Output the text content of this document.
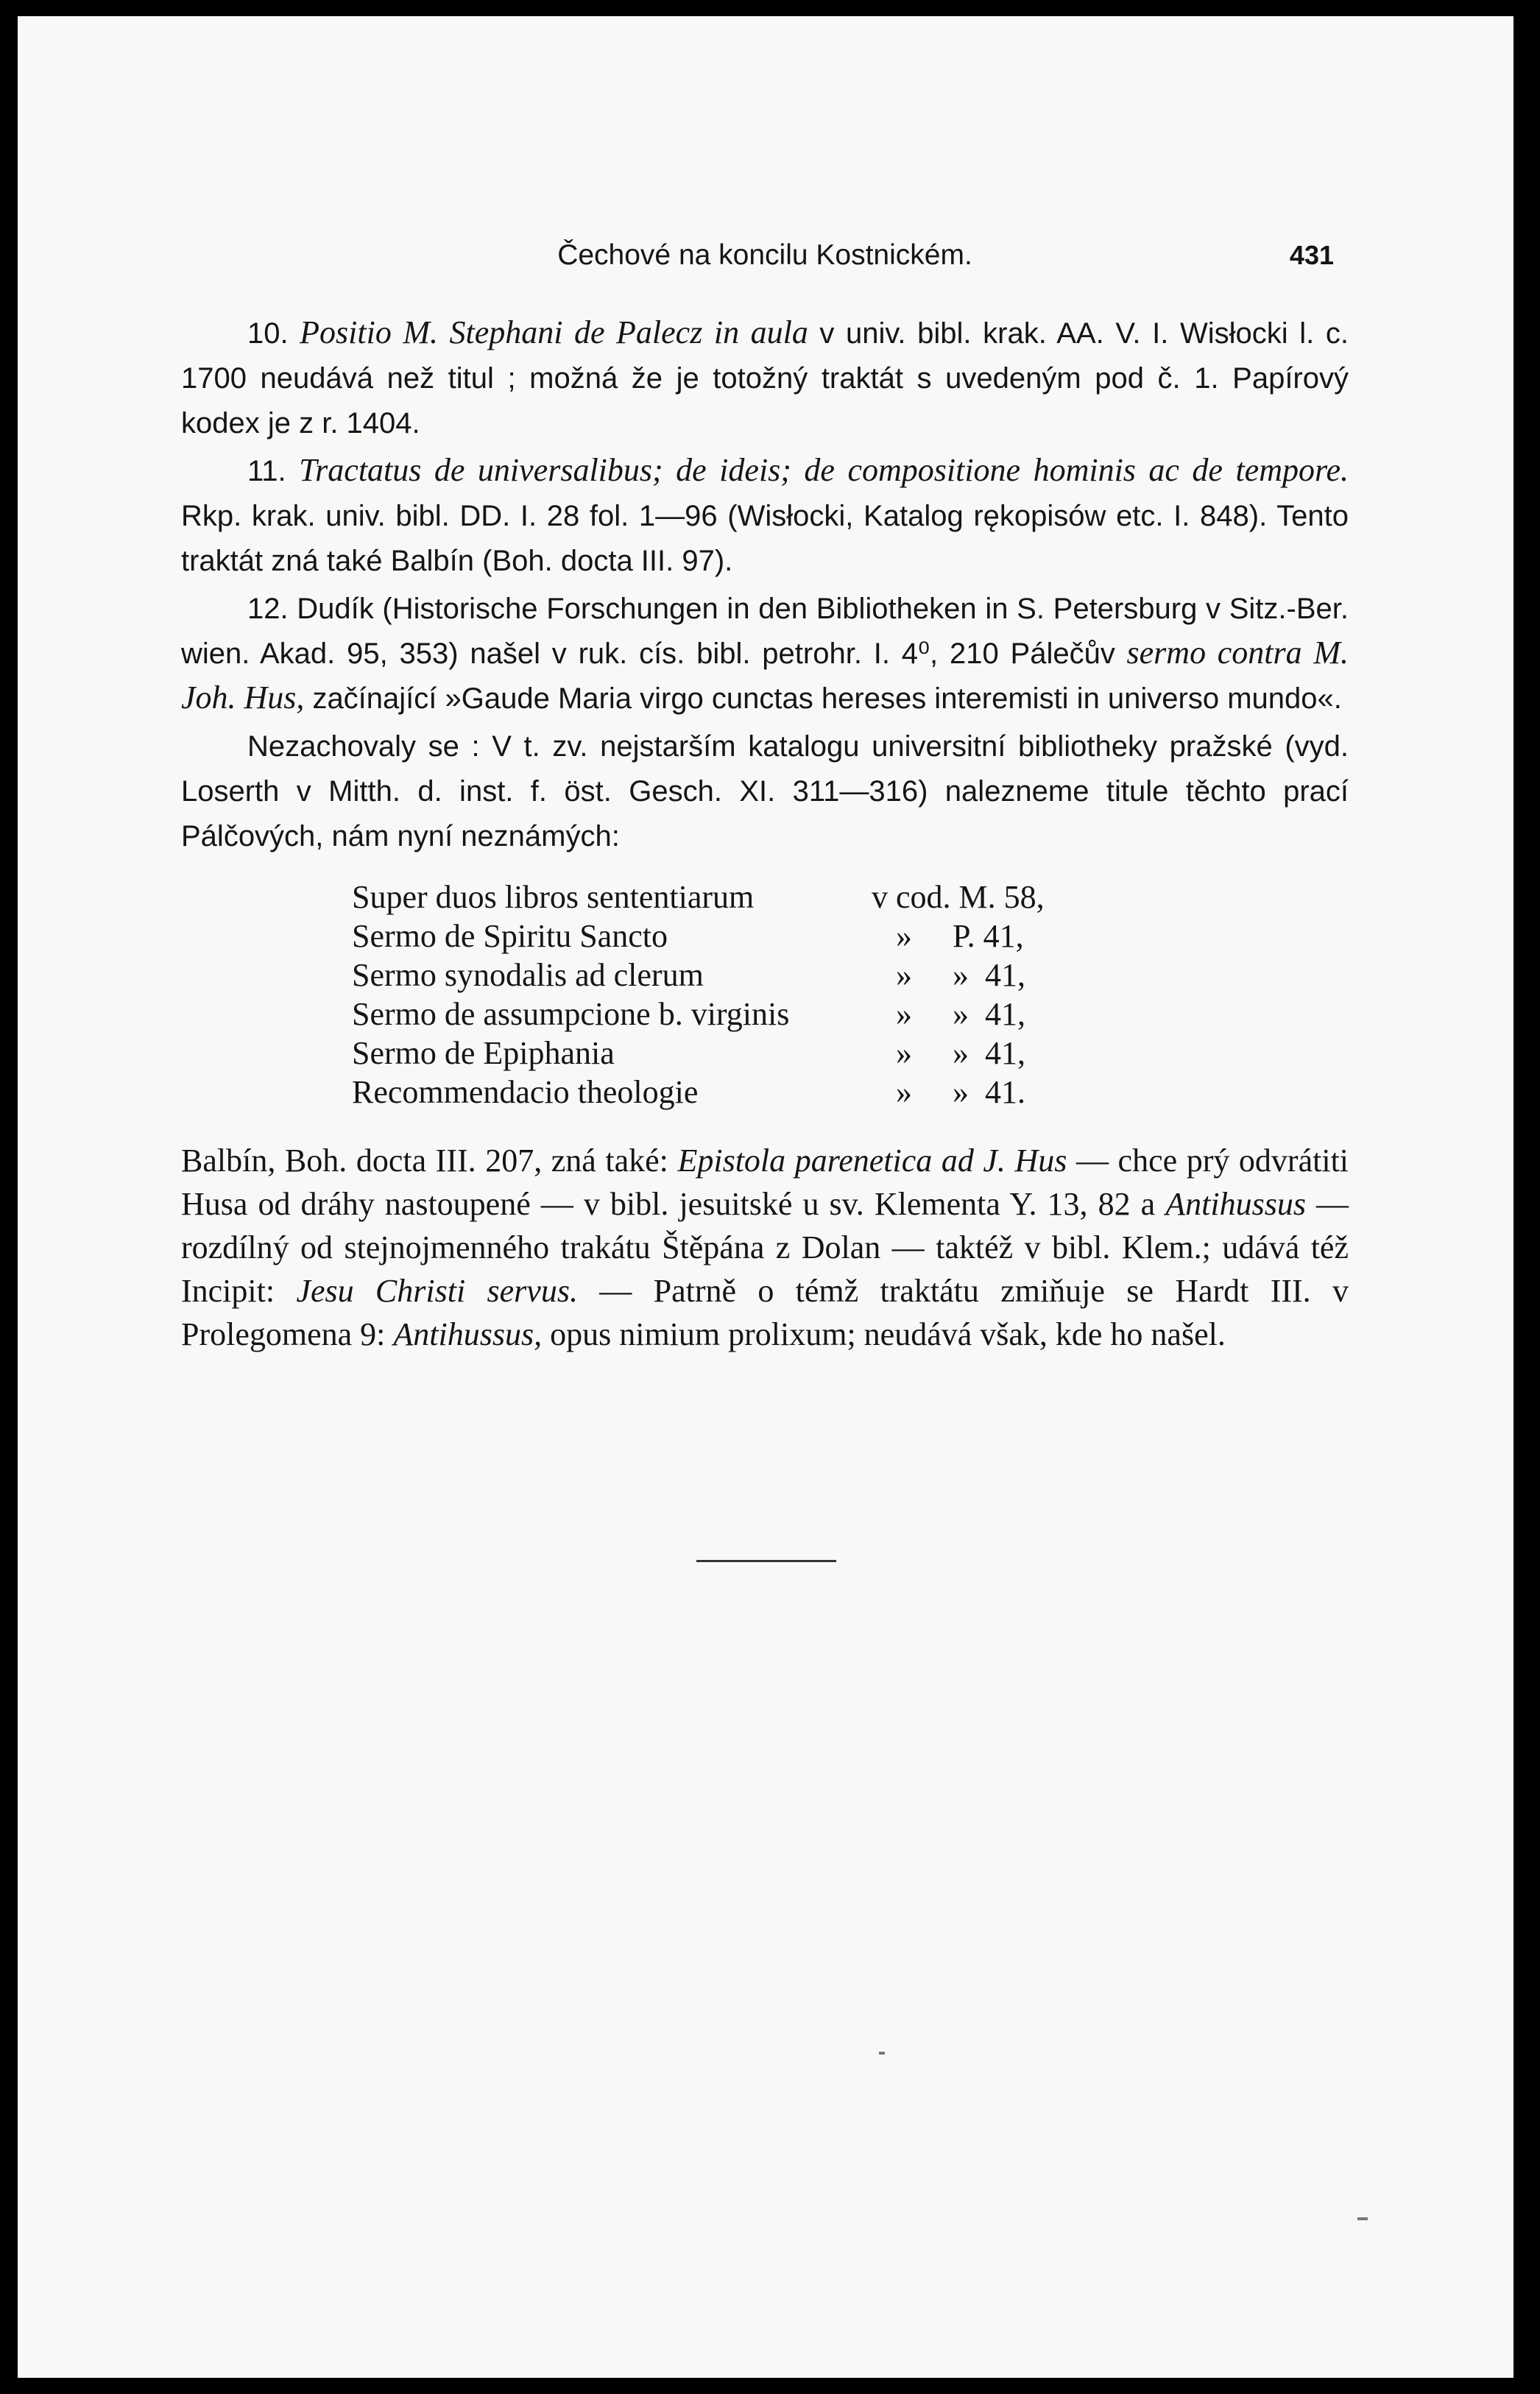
Čechové na koncilu Kostnickém.	431

10. Positio M. Stephani de Palecz in aula v univ. bibl. krak. AA. V. I. Wisłocki l. c. 1700 neudává než titul ; možná že je totožný traktát s uvedeným pod č. 1. Papírový kodex je z r. 1404.

11. Tractatus de universalibus; de ideis; de compositione hominis ac de tempore. Rkp. krak. univ. bibl. DD. I. 28 fol. 1—96 (Wisłocki, Katalog rękopisów etc. I. 848). Tento traktát zná také Balbín (Boh. docta III. 97).

12. Dudík (Historische Forschungen in den Bibliotheken in S. Petersburg v Sitz.-Ber. wien. Akad. 95, 353) našel v ruk. cís. bibl. petrohr. I. 4⁰, 210 Pálečův sermo contra M. Joh. Hus, začínající »Gaude Maria virgo cunctas hereses interemisti in universo mundo«.

Nezachovaly se : V t. zv. nejstarším katalogu universitní bibliotheky pražské (vyd. Loserth v Mitth. d. inst. f. öst. Gesch. XI. 311—316) nalezneme titule těchto prací Pálčových, nám nyní neznámých:

Super duos libros sententiarum	v cod. M. 58,
Sermo de Spiritu Sancto	»     P. 41,
Sermo synodalis ad clerum	»     »  41,
Sermo de assumpcione b. virginis	»     »  41,
Sermo de Epiphania	»     »  41,
Recommendacio theologie	»     »  41.

Balbín, Boh. docta III. 207, zná také: Epistola parenetica ad J. Hus — chce prý odvrátiti Husa od dráhy nastoupené — v bibl. jesuitské u sv. Klementa Y. 13, 82 a Antihussus — rozdílný od stejnojmenného trakátu Štěpána z Dolan — taktéž v bibl. Klem.; udává též Incipit: Jesu Christi servus. — Patrně o témž traktátu zmiňuje se Hardt III. v Prolegomena 9: Antihussus, opus nimium prolixum; neudává však, kde ho našel.
